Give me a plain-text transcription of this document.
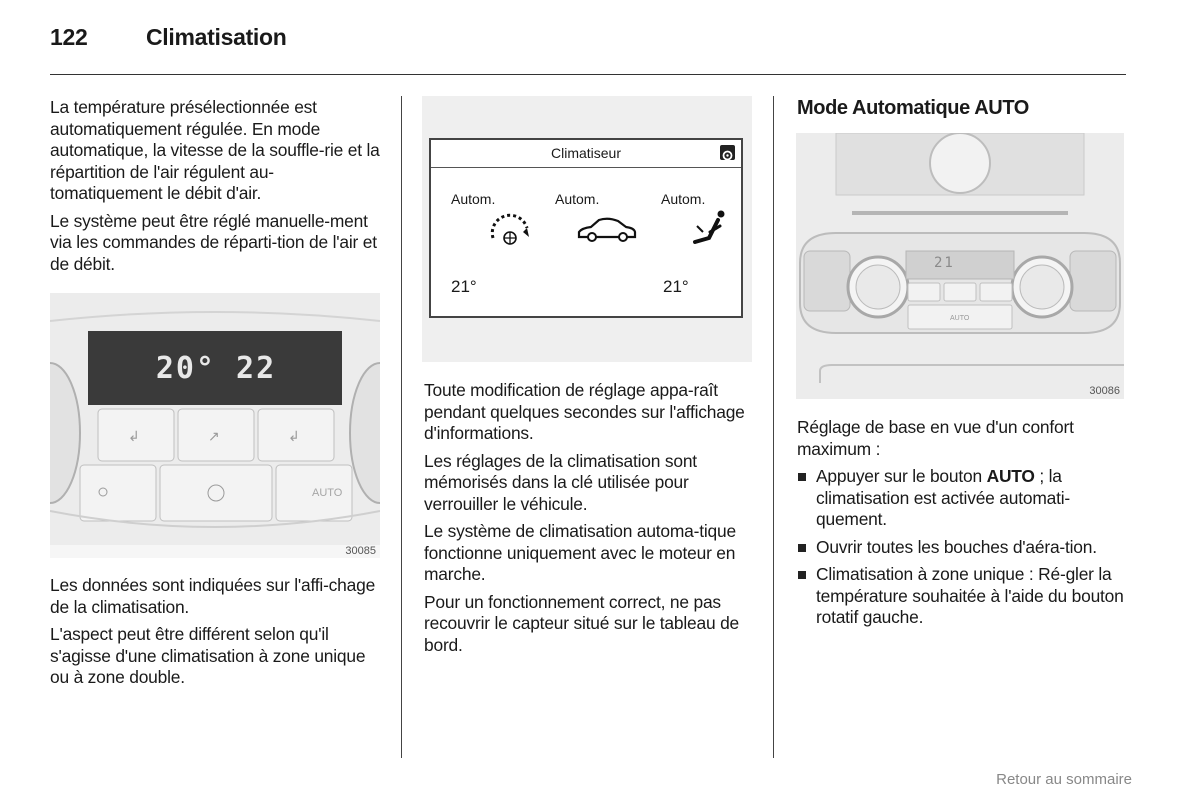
122	Climatisation

La température présélectionnée est automatiquement régulée. En mode automatique, la vitesse de la souffle-rie et la répartition de l'air régulent au-tomatiquement le débit d'air.

Le système peut être réglé manuelle-ment via les commandes de réparti-tion de l'air et de débit.

↲	↗	↲
20° 22
AUTO
30085

Les données sont indiquées sur l'affi-chage de la climatisation.

L'aspect peut être différent selon qu'il s'agisse d'une climatisation à zone unique ou à zone double.

Climatiseur
Autom.	Autom.	Autom.
21°	21°

Toute modification de réglage appa-raît pendant quelques secondes sur l'affichage d'informations.

Les réglages de la climatisation sont mémorisés dans la clé utilisée pour verrouiller le véhicule.

Le système de climatisation automa-tique fonctionne uniquement avec le moteur en marche.

Pour un fonctionnement correct, ne pas recouvrir le capteur situé sur le tableau de bord.

Mode Automatique AUTO
21
AUTO
30086

Réglage de base en vue d'un confort maximum :

Appuyer sur le bouton AUTO ; la climatisation est activée automati-quement.
Ouvrir toutes les bouches d'aéra-tion.
Climatisation à zone unique : Ré-gler la température souhaitée à l'aide du bouton rotatif gauche.
Retour au sommaire
